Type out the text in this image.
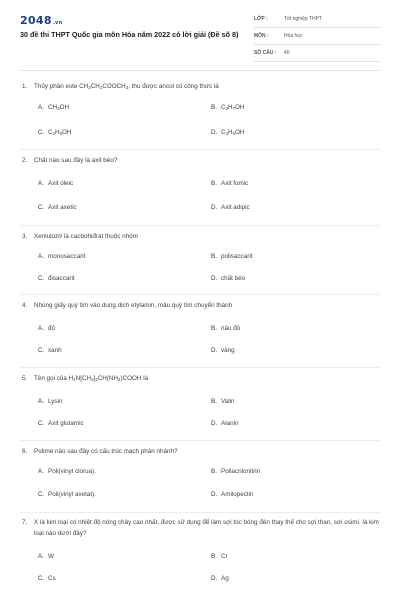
2048.vn
30 đề thi THPT Quốc gia môn Hóa năm 2022 có lời giải (Đề số 8)
LỚP :	Tốt nghiệp THPT
MÔN :	Hóa học
SỐ CÂU : 40
1. Thủy phân este $CH_3CH_2COOCH_3$, thu được ancol có công thức là
A. $CH_3OH$	B. $C_3H_7OH$
C. $C_2H_5OH$	D. $C_3H_5OH$
2. Chất nào sau đây là axit béo?
A. Axit oleic	B. Axit fomic
C. Axit axetic	D. Axit adipic
3. Xenlulozơ là cacbohiđrat thuộc nhóm
A. monosaccarit	B. polisaccarit
C. đisaccarit	D. chất béo
4. Nhúng giấy quỳ tím vào dung dịch etylamin, màu quỳ tím chuyển thành
A. đỏ	B. nâu đỏ
C. xanh	D. vàng
5. Tên gọi của $H_2N[CH_2]_4CH(NH_2)COOH$ là
A. Lysin	B. Valin
C. Axit glutamic	D. Alanin
6. Polime nào sau đây có cấu trúc mạch phân nhánh?
A. Poli(vinyl clorua).	B. Poliacrilonitrin
C. Poli(vinyl axetat).	D. Amilopectin
7. X là kim loại có nhiệt độ nóng chảy cao nhất, được sử dụng để làm sợi tóc bóng đèn thay thế cho sợi than, sợi osimi. là kim loại nào dưới đây?
A. W	B. Cr
C. Cs	D. Ag
